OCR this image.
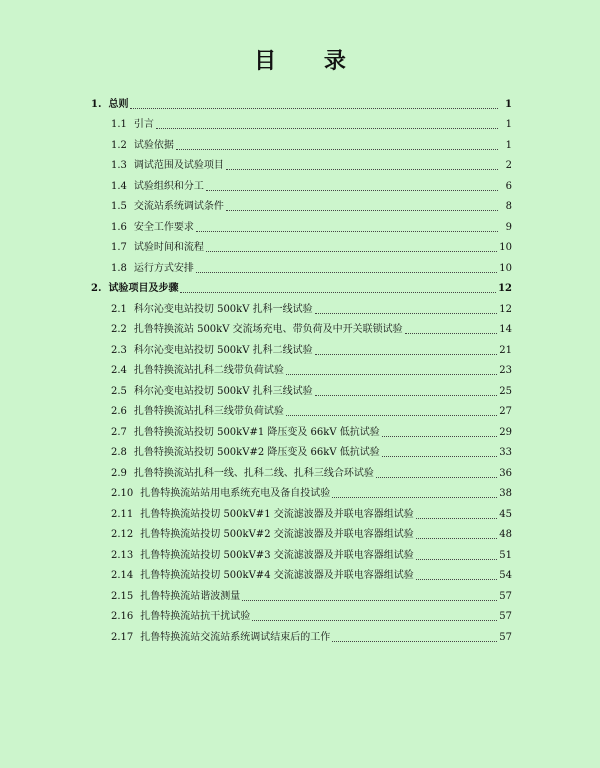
目 录
1. 总则	1
1.1 引言	1
1.2 试验依据	1
1.3 调试范围及试验项目	2
1.4 试验组织和分工	6
1.5 交流站系统调试条件	8
1.6 安全工作要求	9
1.7 试验时间和流程	10
1.8 运行方式安排	10
2. 试验项目及步骤	12
2.1 科尔沁变电站投切 500kV 扎科一线试验	12
2.2 扎鲁特换流站 500kV 交流场充电、带负荷及中开关联锁试验	14
2.3 科尔沁变电站投切 500kV 扎科二线试验	21
2.4 扎鲁特换流站扎科二线带负荷试验	23
2.5 科尔沁变电站投切 500kV 扎科三线试验	25
2.6 扎鲁特换流站扎科三线带负荷试验	27
2.7 扎鲁特换流站投切 500kV#1 降压变及 66kV 低抗试验	29
2.8 扎鲁特换流站投切 500kV#2 降压变及 66kV 低抗试验	33
2.9 扎鲁特换流站扎科一线、扎科二线、扎科三线合环试验	36
2.10 扎鲁特换流站站用电系统充电及备自投试验	38
2.11 扎鲁特换流站投切 500kV#1 交流滤波器及并联电容器组试验	45
2.12 扎鲁特换流站投切 500kV#2 交流滤波器及并联电容器组试验	48
2.13 扎鲁特换流站投切 500kV#3 交流滤波器及并联电容器组试验	51
2.14 扎鲁特换流站投切 500kV#4 交流滤波器及并联电容器组试验	54
2.15 扎鲁特换流站谐波测量	57
2.16 扎鲁特换流站抗干扰试验	57
2.17 扎鲁特换流站交流站系统调试结束后的工作	57
